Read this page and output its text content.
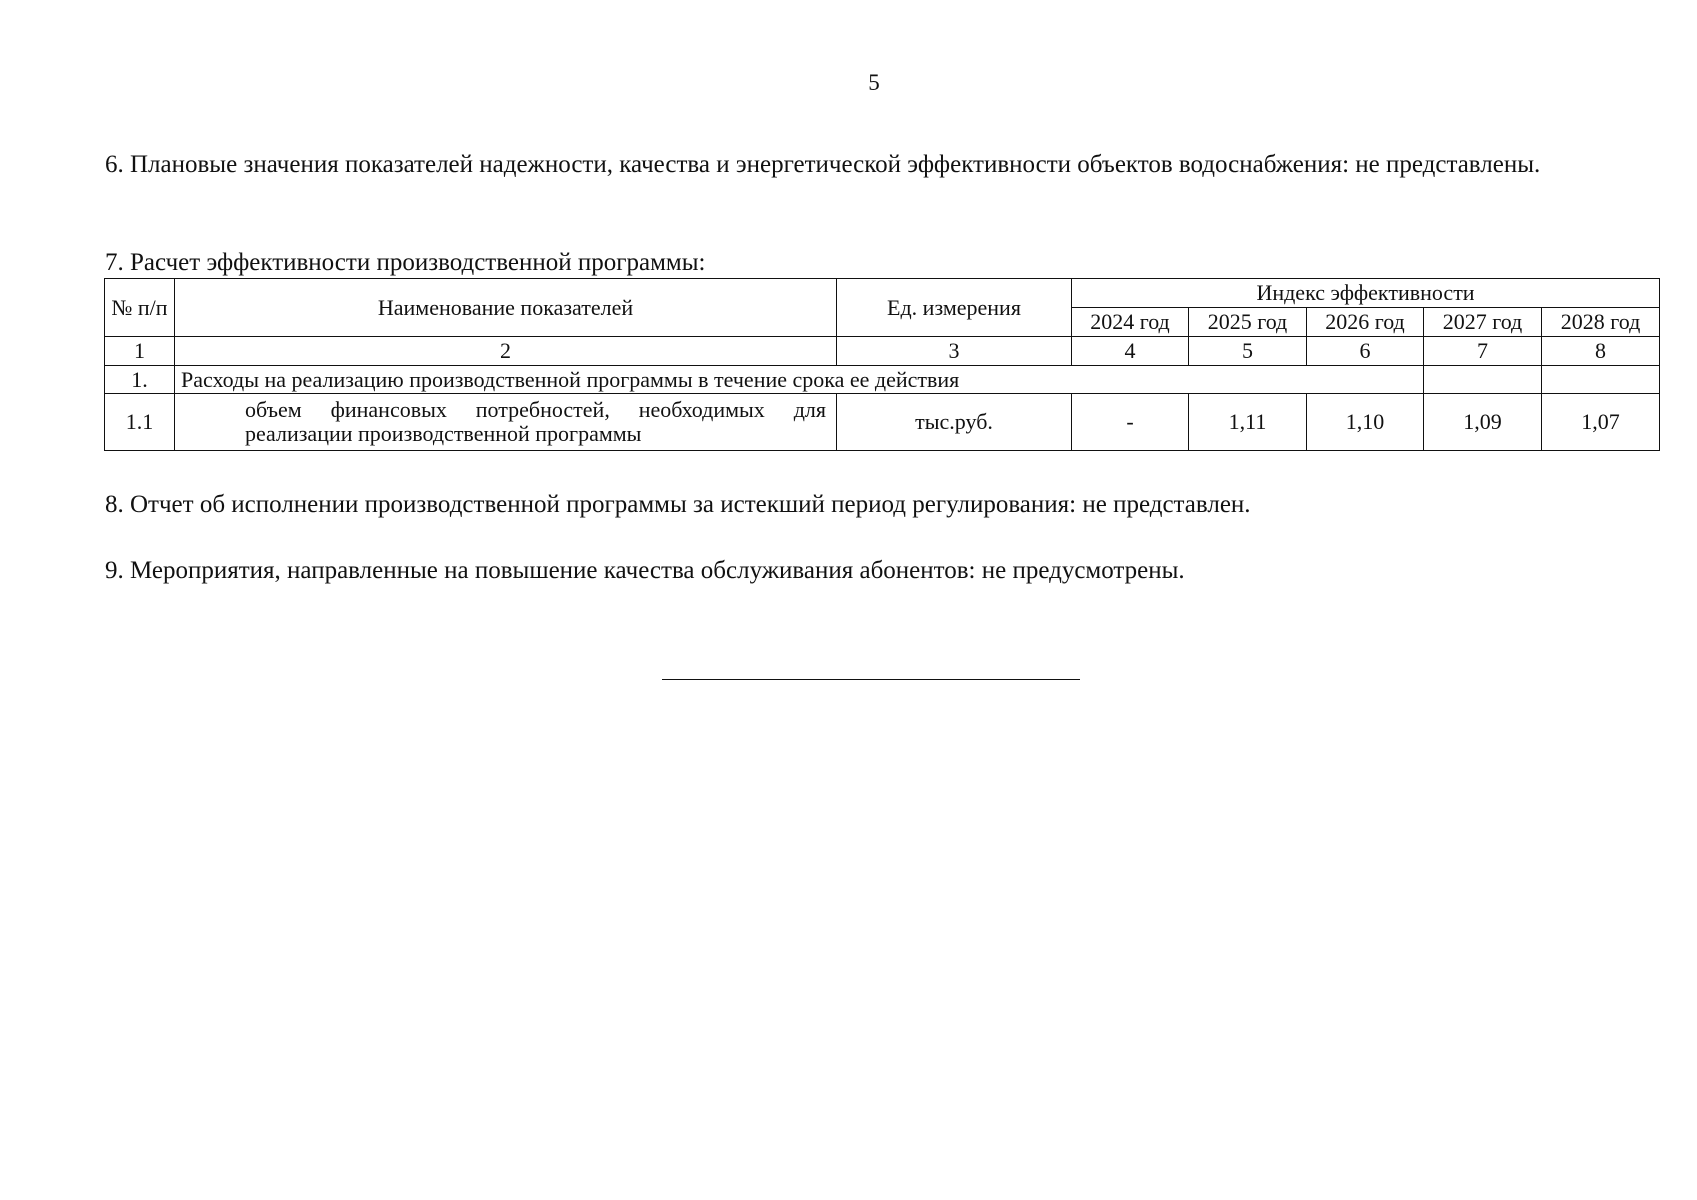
5
6. Плановые значения показателей надежности, качества и энергетической эффективности объектов водоснабжения: не представлены.
7. Расчет эффективности производственной программы:
№ п/п	Наименование показателей	Ед. измерения	Индекс эффективности					
			2024 год	2025 год	2026 год	2027 год	2028 год	
1	2	3	4	5	6	7	8	
1.	Расходы на реализацию производственной программы в течение срока ее действия							
1.1	объем финансовых потребностей, необходимых для реализации производственной программы	тыс.руб.	-	1,11	1,10	1,09	1,07	
8. Отчет об исполнении производственной программы за истекший период регулирования: не представлен.
9. Мероприятия, направленные на повышение качества обслуживания абонентов: не предусмотрены.
